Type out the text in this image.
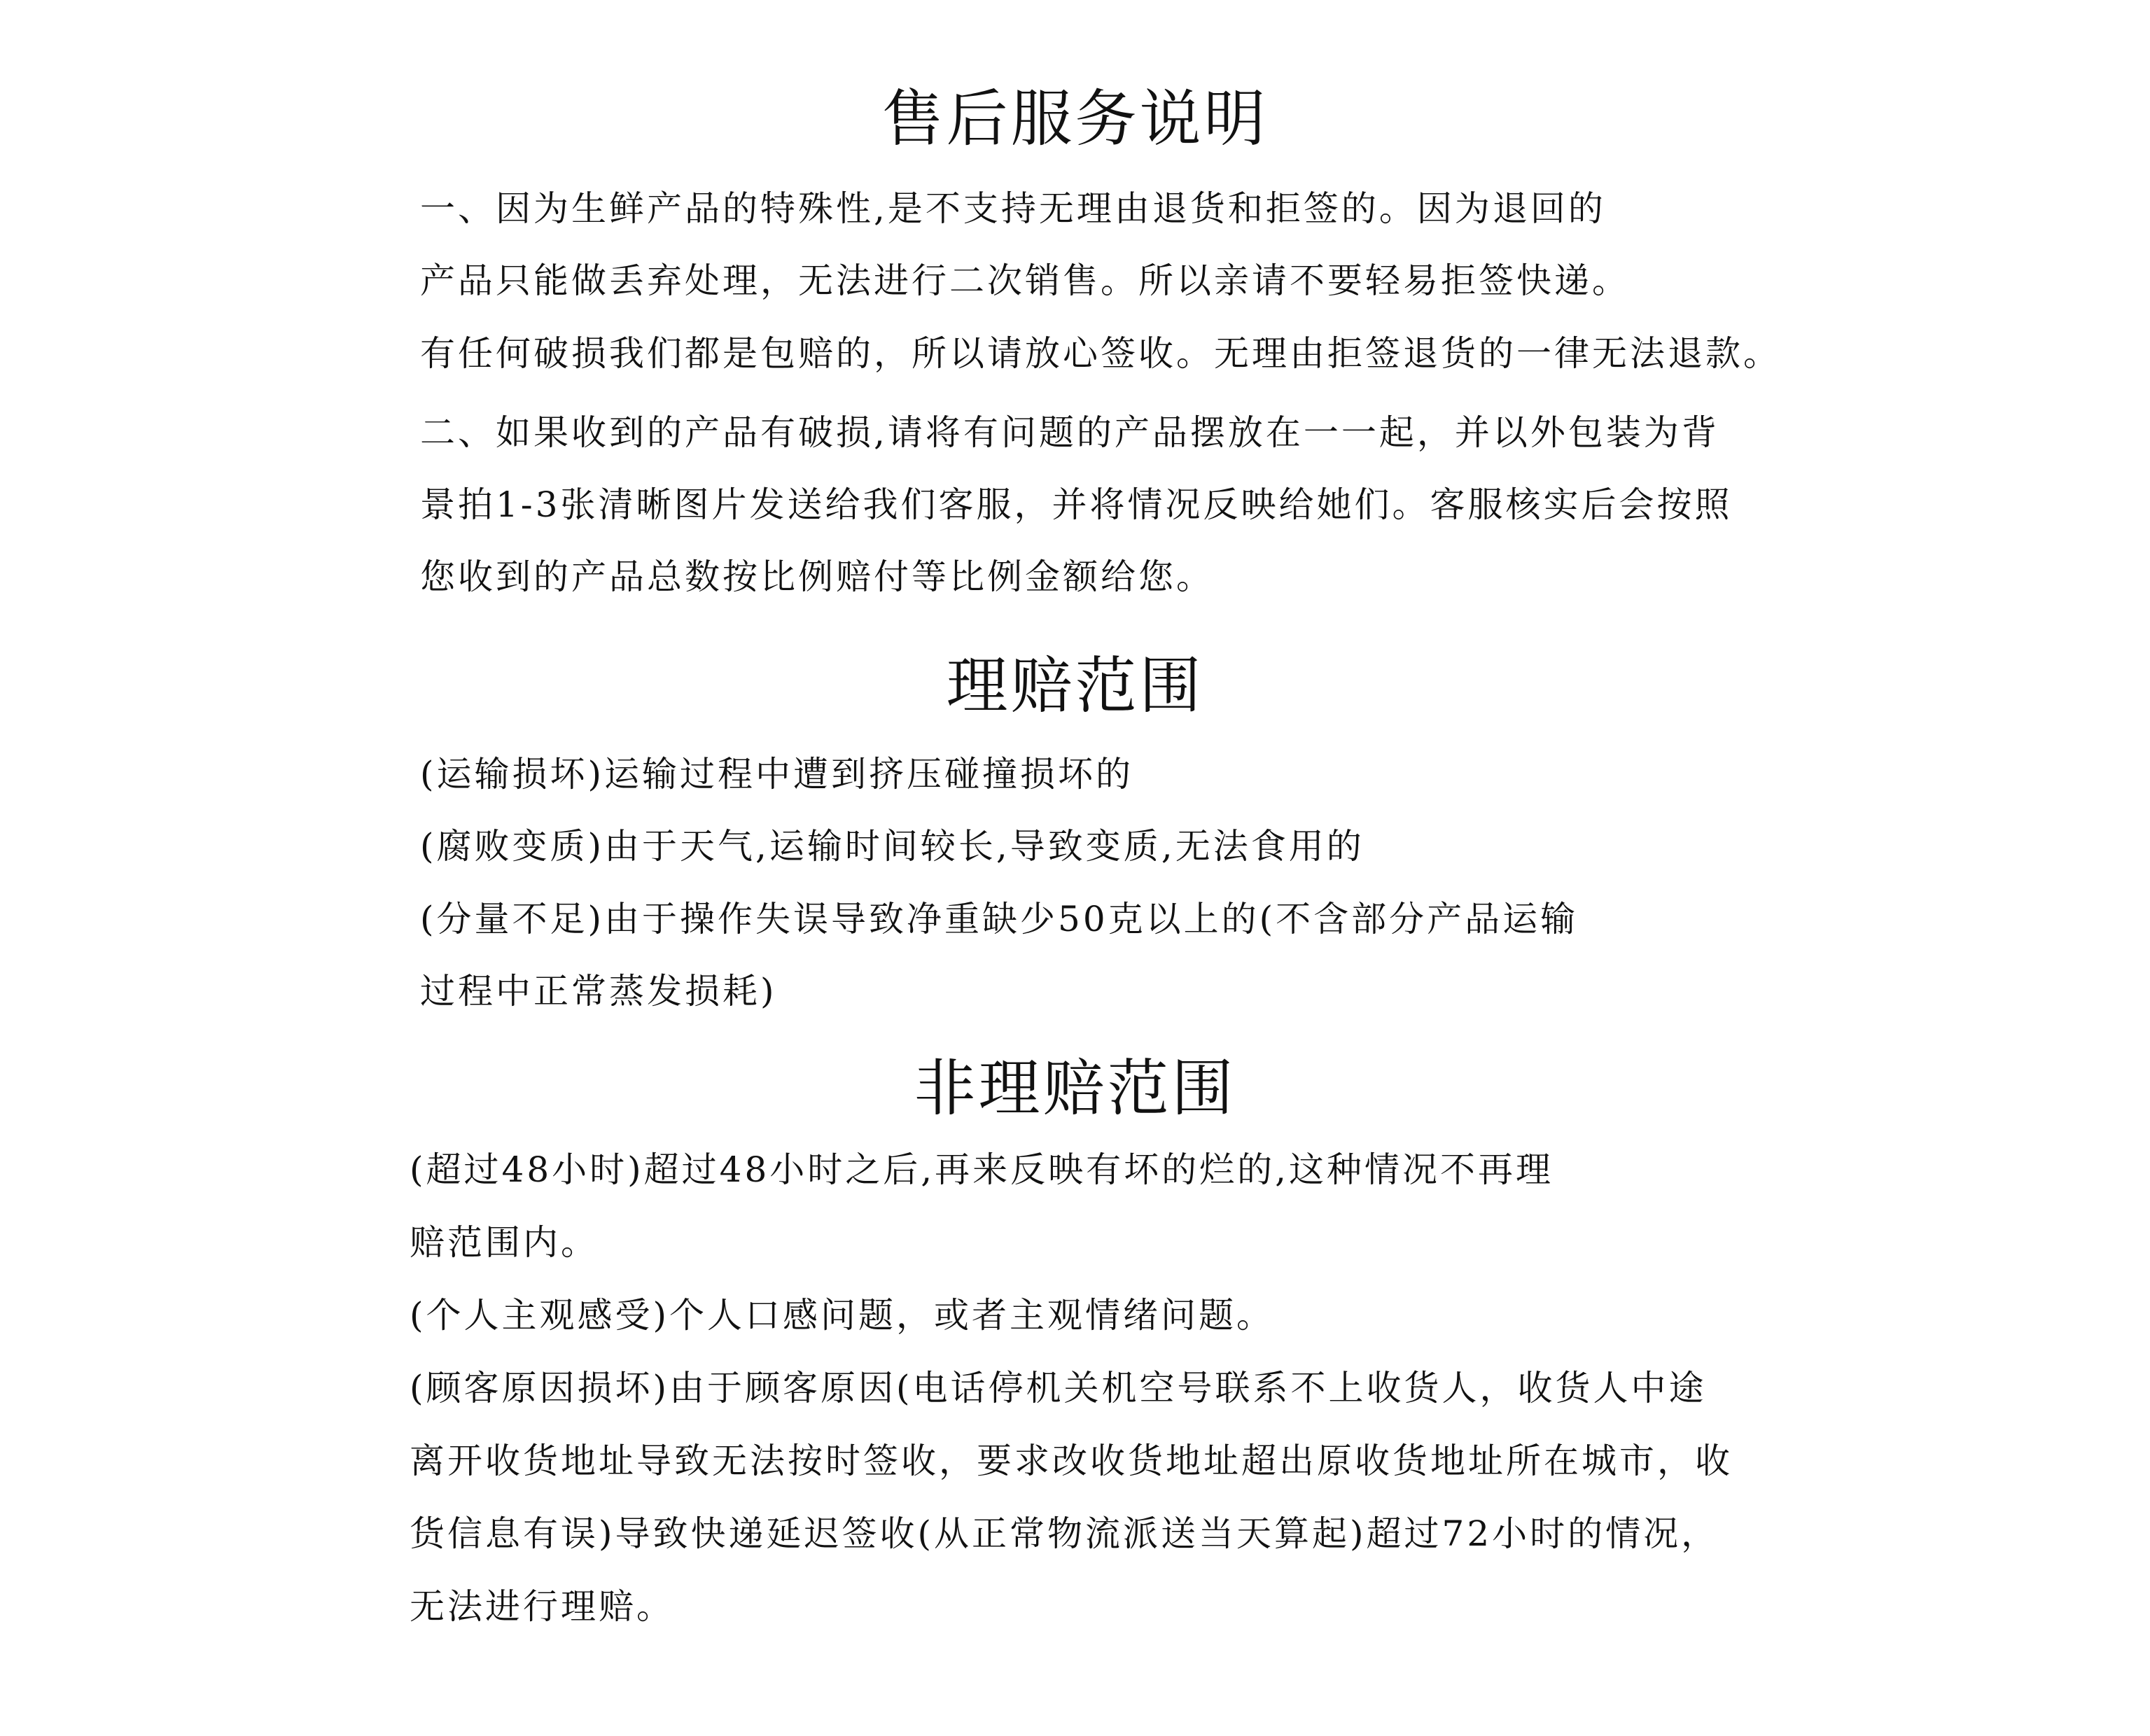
售后服务说明

一、因为生鲜产品的特殊性,是不支持无理由退货和拒签的。因为退回的

产品只能做丢弃处理，无法进行二次销售。所以亲请不要轻易拒签快递。

有任何破损我们都是包赔的，所以请放心签收。无理由拒签退货的一律无法退款。

二、如果收到的产品有破损,请将有问题的产品摆放在一一起，并以外包装为背

景拍1-3张清晰图片发送给我们客服，并将情况反映给她们。客服核实后会按照

您收到的产品总数按比例赔付等比例金额给您。

理赔范围

(运输损坏)运输过程中遭到挤压碰撞损坏的

(腐败变质)由于天气,运输时间较长,导致变质,无法食用的

(分量不足)由于操作失误导致净重缺少50克以上的(不含部分产品运输

过程中正常蒸发损耗)

非理赔范围

(超过48小时)超过48小时之后,再来反映有坏的烂的,这种情况不再理

赔范围内。

(个人主观感受)个人口感问题，或者主观情绪问题。

(顾客原因损坏)由于顾客原因(电话停机关机空号联系不上收货人，收货人中途

离开收货地址导致无法按时签收，要求改收货地址超出原收货地址所在城市，收

货信息有误)导致快递延迟签收(从正常物流派送当天算起)超过72小时的情况，

无法进行理赔。
